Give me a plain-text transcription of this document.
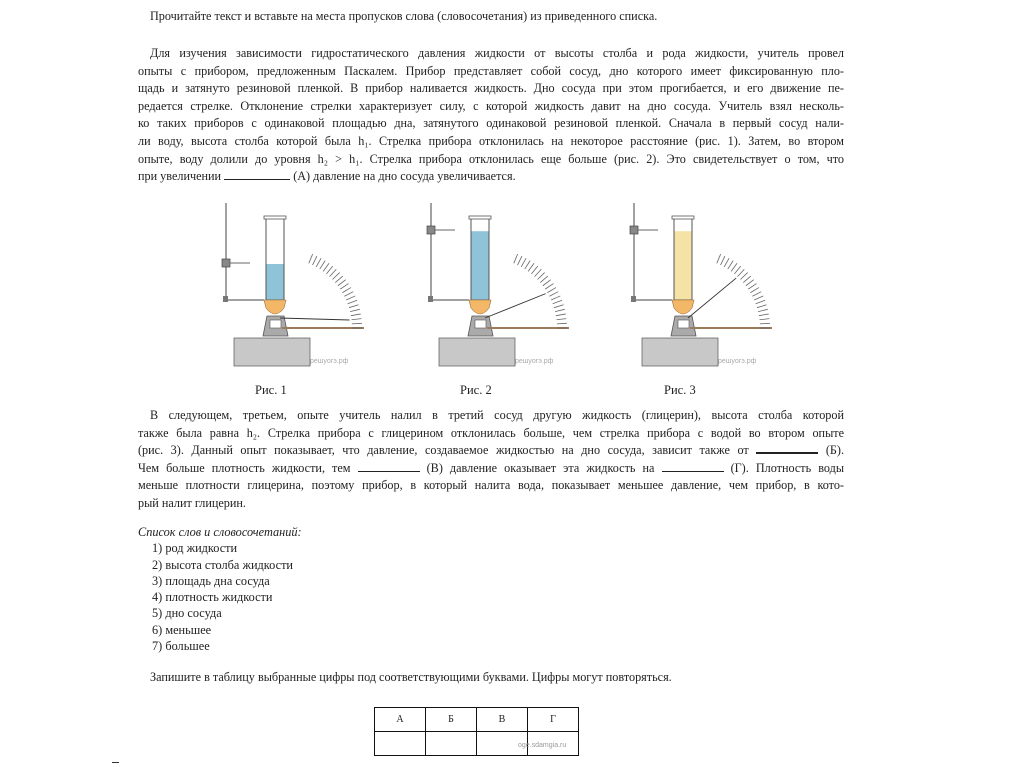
Прочитайте текст и вставьте на места пропусков слова (словосочетания) из приведенного списка.
Для изучения зависимости гидростатического давления жидкости от высоты столба и рода жидкости, учитель провел
опыты с прибором, предложенным Паскалем. Прибор представляет собой сосуд, дно которого имеет фиксированную пло-
щадь и затянуто резиновой пленкой. В прибор наливается жидкость. Дно сосуда при этом прогибается, и его движение пе-
редается стрелке. Отклонение стрелки характеризует силу, с которой жидкость давит на дно сосуда. Учитель взял несколь-
ко таких приборов с одинаковой площадью дна, затянутого одинаковой резиновой пленкой. Сначала в первый сосуд нали-
ли воду, высота столба которой была h₁. Стрелка прибора отклонилась на некоторое расстояние (рис. 1). Затем, во втором
опыте, воду долили до уровня h₂ > h₁. Стрелка прибора отклонилась еще больше (рис. 2). Это свидетельствует о том, что
при увеличении	(А) давление на дно сосуда увеличивается.
решуогэ.рф	решуогэ.рф	решуогэ.рф
Рис. 1	Рис. 2	Рис. 3
В следующем, третьем, опыте учитель налил в третий сосуд другую жидкость (глицерин), высота столба которой
также была равна h₂. Стрелка прибора с глицерином отклонилась больше, чем стрелка прибора с водой во втором опыте
(рис. 3). Данный опыт показывает, что давление, создаваемое жидкостью на дно сосуда, зависит также от	(Б).
Чем больше плотность жидкости, тем	(В) давление оказывает эта жидкость на	(Г). Плотность воды
меньше плотности глицерина, поэтому прибор, в который налита вода, показывает меньшее давление, чем прибор, в кото-
рый налит глицерин.
Список слов и словосочетаний:
1) род жидкости
2) высота столба жидкости
3) площадь дна сосуда
4) плотность жидкости
5) дно сосуда
6) меньшее
7) большее
Запишите в таблицу выбранные цифры под соответствующими буквами. Цифры могут повторяться.
А	Б	В	Г

oge.sdamgia.ru
